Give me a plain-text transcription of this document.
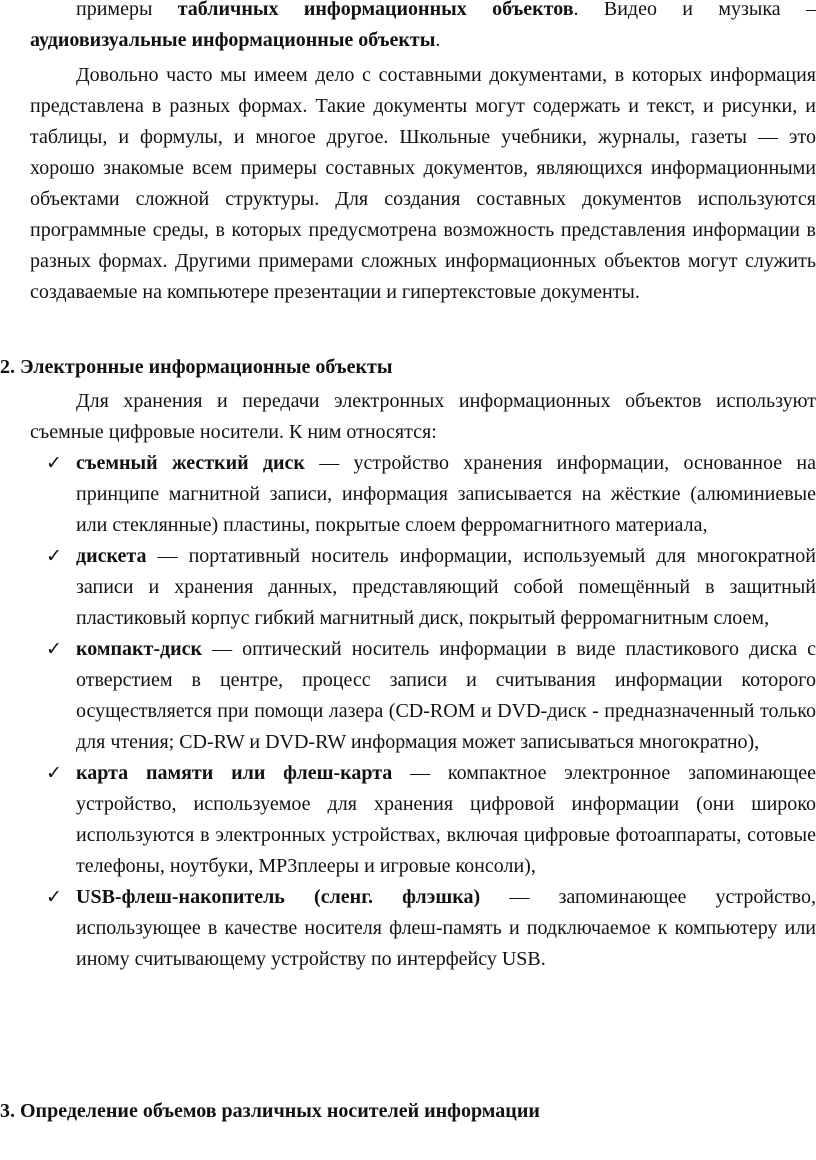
примеры табличных информационных объектов. Видео и музыка – аудиовизуальные информационные объекты.

Довольно часто мы имеем дело с составными документами, в которых информация представлена в разных формах. Такие документы могут содержать и текст, и рисунки, и таблицы, и формулы, и многое другое. Школьные учебники, журналы, газеты — это хорошо знакомые всем примеры составных документов, являющихся информационными объектами сложной структуры. Для создания составных документов используются программные среды, в которых предусмотрена возможность представления информации в разных формах. Другими примерами сложных информационных объектов могут служить создаваемые на компьютере презентации и гипертекстовые документы.

2. Электронные информационные объекты

Для хранения и передачи электронных информационных объектов используют съемные цифровые носители. К ним относятся:

✓ съемный жесткий диск — устройство хранения информации, основанное на принципе магнитной записи, информация записывается на жёсткие (алюминиевые или стеклянные) пластины, покрытые слоем ферромагнитного материала,

✓ дискета — портативный носитель информации, используемый для многократной записи и хранения данных, представляющий собой помещённый в защитный пластиковый корпус гибкий магнитный диск, покрытый ферромагнитным слоем,

✓ компакт-диск — оптический носитель информации в виде пластикового диска с отверстием в центре, процесс записи и считывания информации которого осуществляется при помощи лазера (CD-ROM и DVD-диск - предназначенный только для чтения; CD-RW и DVD-RW информация может записываться многократно),

✓ карта памяти или флеш-карта — компактное электронное запоминающее устройство, используемое для хранения цифровой информации (они широко используются в электронных устройствах, включая цифровые фотоаппараты, сотовые телефоны, ноутбуки, MP3плееры и игровые консоли),

✓ USB-флеш-накопитель (сленг. флэшка) — запоминающее устройство, использующее в качестве носителя флеш-память и подключаемое к компьютеру или иному считывающему устройству по интерфейсу USB.

3. Определение объемов различных носителей информации
